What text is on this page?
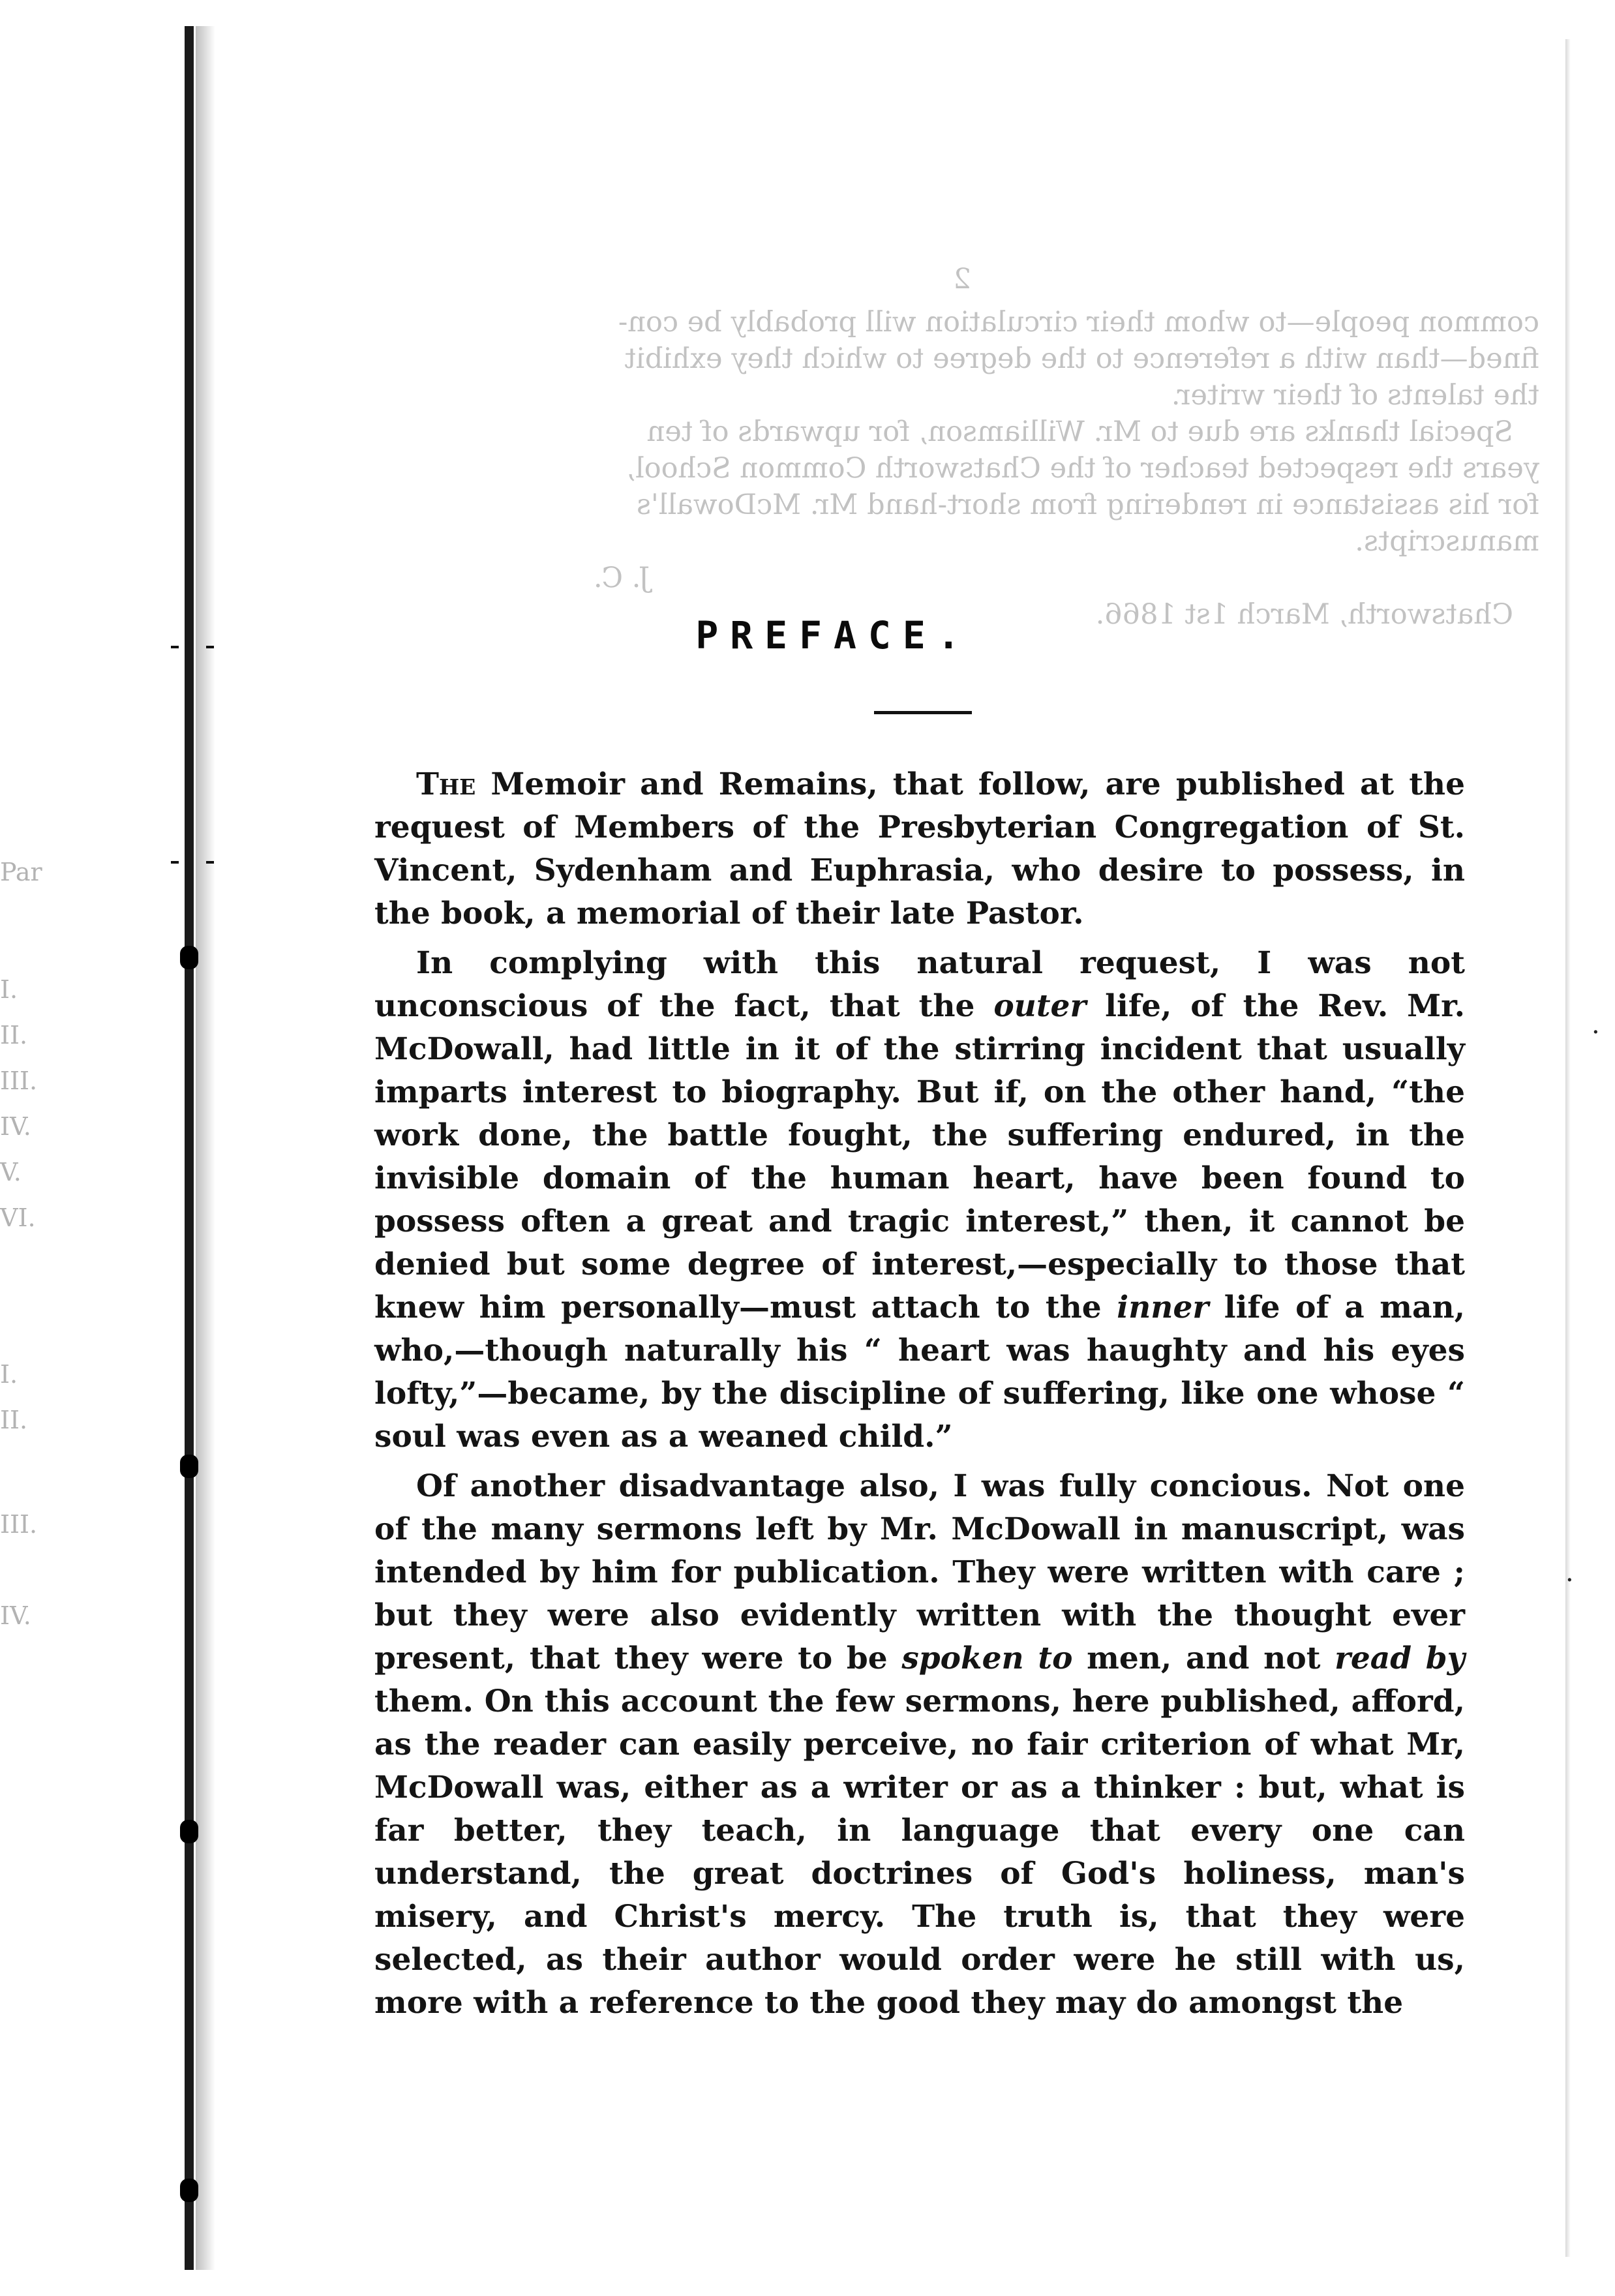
Par
I.
II.
III.
IV.
V.
VI.
I.
II.
III.
IV.
·
·
2
common people—to whom their circulation will probably be con-
fined—than with a reference to the degree to which they exhibit
the talents of their writer.
Special thanks are due to Mr. Williamson, for upwards of ten
years the respected teacher of the Chatsworth Common School,
for his assistance in rendering from short-hand Mr. McDowall's
manuscripts.
J. C.
Chatsworth, March 1st 1866.
PREFACE.

The Memoir and Remains, that follow, are published at the request of Members of the Presbyterian Congregation of St. Vincent, Sydenham and Euphrasia, who desire to possess, in the book, a memorial of their late Pastor.

In complying with this natural request, I was not unconscious of the fact, that the outer life, of the Rev. Mr. McDowall, had little in it of the stirring incident that usually imparts interest to biography. But if, on the other hand, “the work done, the battle fought, the suffering endured, in the invisible domain of the human heart, have been found to possess often a great and tragic interest,” then, it cannot be denied but some degree of interest,—especially to those that knew him personally—must attach to the inner life of a man, who,—though naturally his “ heart was haughty and his eyes lofty,”—became, by the discipline of suffering, like one whose “ soul was even as a weaned child.”

Of another disadvantage also, I was fully concious. Not one of the many sermons left by Mr. McDowall in manuscript, was intended by him for publication. They were written with care ; but they were also evidently written with the thought ever present, that they were to be spoken to men, and not read by them. On this account the few sermons, here published, afford, as the reader can easily perceive, no fair criterion of what Mr, McDowall was, either as a writer or as a thinker : but, what is far better, they teach, in language that every one can understand, the great doctrines of God's holiness, man's misery, and Christ's mercy. The truth is, that they were selected, as their author would order were he still with us, more with a reference to the good they may do amongst the
